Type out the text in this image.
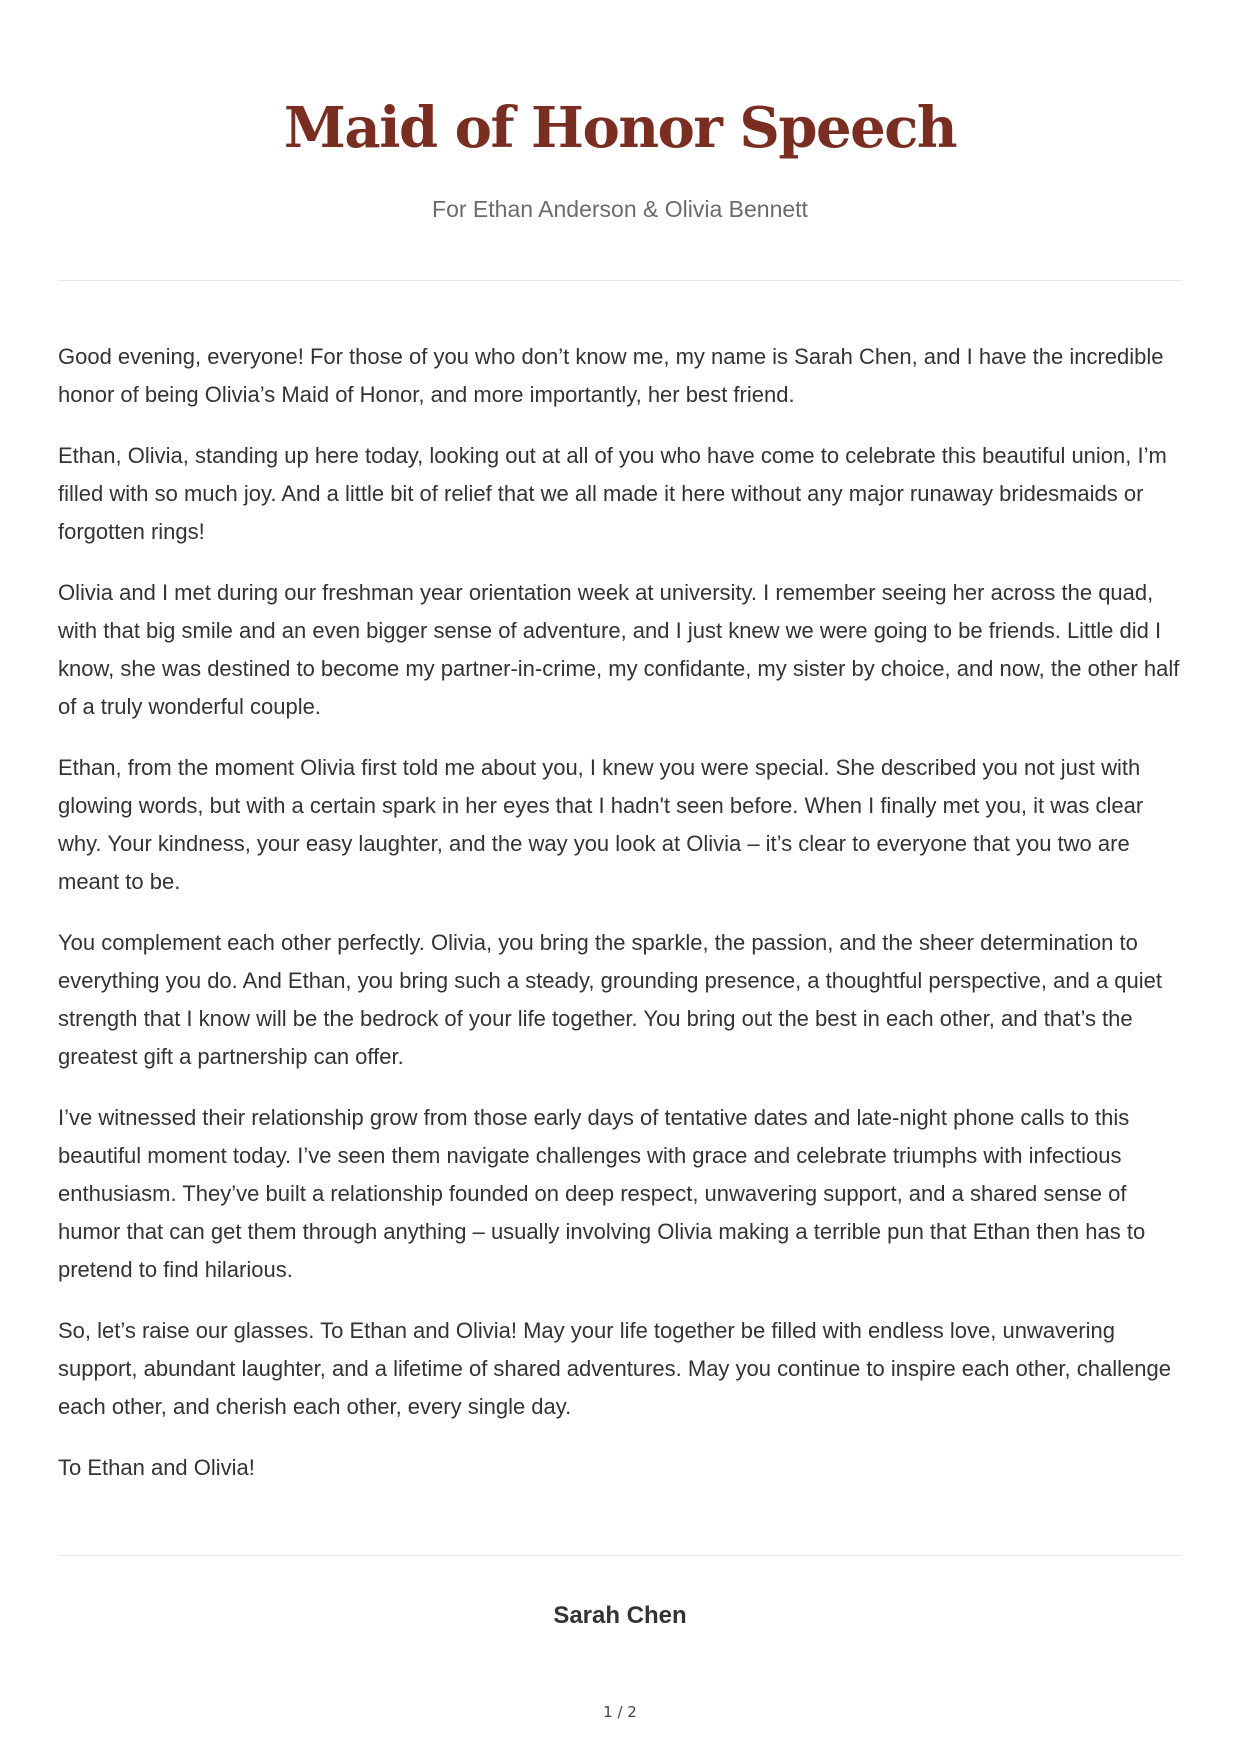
Maid of Honor Speech
For Ethan Anderson & Olivia Bennett

Good evening, everyone! For those of you who don’t know me, my name is Sarah Chen, and I have the incredible honor of being Olivia’s Maid of Honor, and more importantly, her best friend.

Ethan, Olivia, standing up here today, looking out at all of you who have come to celebrate this beautiful union, I’m filled with so much joy. And a little bit of relief that we all made it here without any major runaway bridesmaids or forgotten rings!

Olivia and I met during our freshman year orientation week at university. I remember seeing her across the quad, with that big smile and an even bigger sense of adventure, and I just knew we were going to be friends. Little did I know, she was destined to become my partner-in-crime, my confidante, my sister by choice, and now, the other half of a truly wonderful couple.

Ethan, from the moment Olivia first told me about you, I knew you were special. She described you not just with glowing words, but with a certain spark in her eyes that I hadn't seen before. When I finally met you, it was clear why. Your kindness, your easy laughter, and the way you look at Olivia – it’s clear to everyone that you two are meant to be.

You complement each other perfectly. Olivia, you bring the sparkle, the passion, and the sheer determination to everything you do. And Ethan, you bring such a steady, grounding presence, a thoughtful perspective, and a quiet strength that I know will be the bedrock of your life together. You bring out the best in each other, and that’s the greatest gift a partnership can offer.

I’ve witnessed their relationship grow from those early days of tentative dates and late-night phone calls to this beautiful moment today. I’ve seen them navigate challenges with grace and celebrate triumphs with infectious enthusiasm. They’ve built a relationship founded on deep respect, unwavering support, and a shared sense of humor that can get them through anything – usually involving Olivia making a terrible pun that Ethan then has to pretend to find hilarious.

So, let’s raise our glasses. To Ethan and Olivia! May your life together be filled with endless love, unwavering support, abundant laughter, and a lifetime of shared adventures. May you continue to inspire each other, challenge each other, and cherish each other, every single day.

To Ethan and Olivia!

Sarah Chen
1 / 2
